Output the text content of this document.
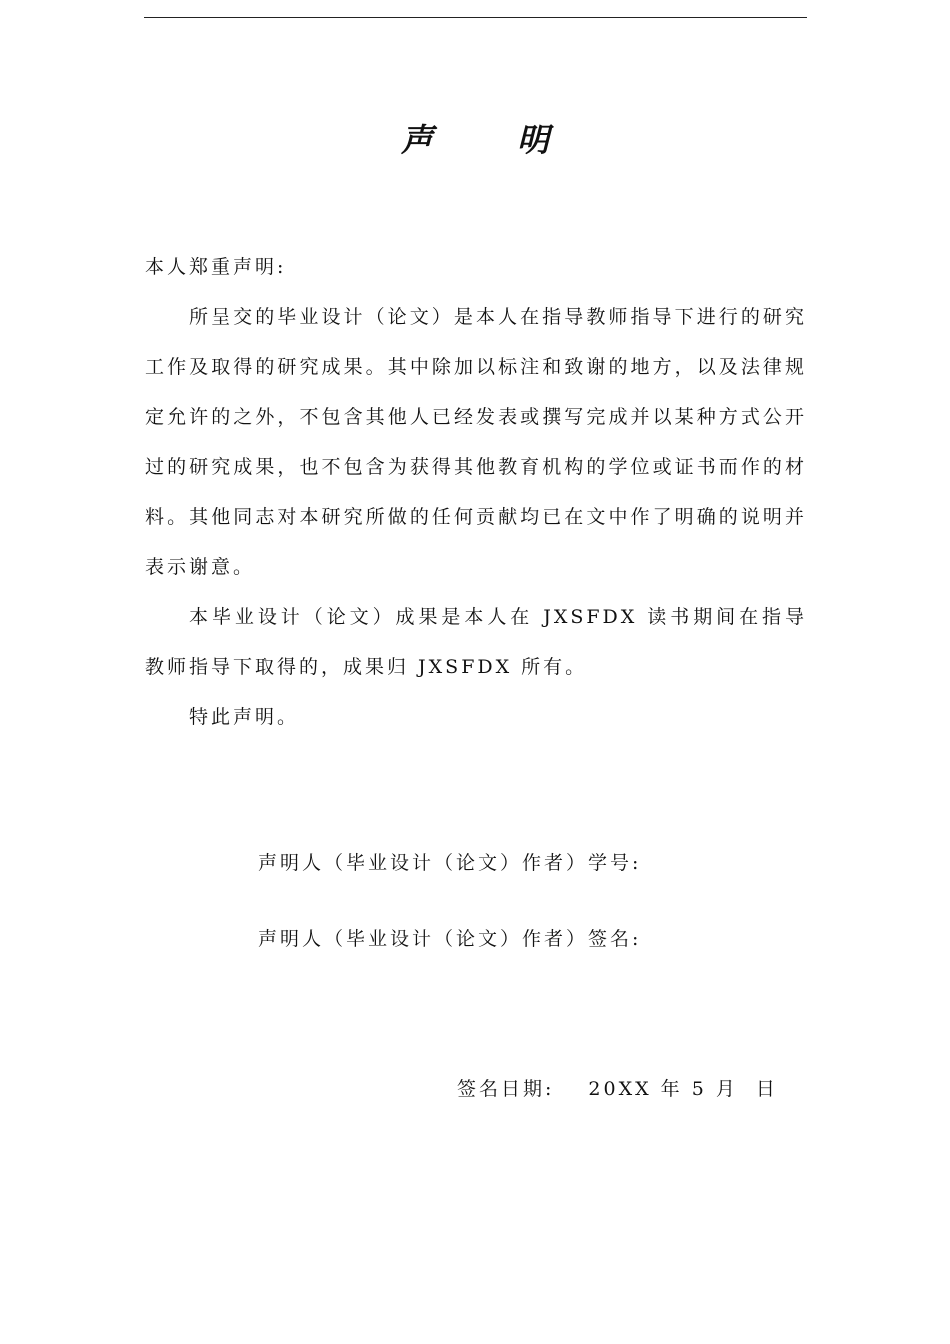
声明
本人郑重声明:

所呈交的毕业设计（论文）是本人在指导教师指导下进行的研究工作及取得的研究成果。其中除加以标注和致谢的地方，以及法律规定允许的之外，不包含其他人已经发表或撰写完成并以某种方式公开过的研究成果，也不包含为获得其他教育机构的学位或证书而作的材料。其他同志对本研究所做的任何贡献均已在文中作了明确的说明并表示谢意。

本毕业设计（论文）成果是本人在 JXSFDX 读书期间在指导教师指导下取得的，成果归 JXSFDX 所有。

特此声明。

声明人（毕业设计（论文）作者）学号:
声明人（毕业设计（论文）作者）签名:
签名日期: 20XX 年 5 月  日
